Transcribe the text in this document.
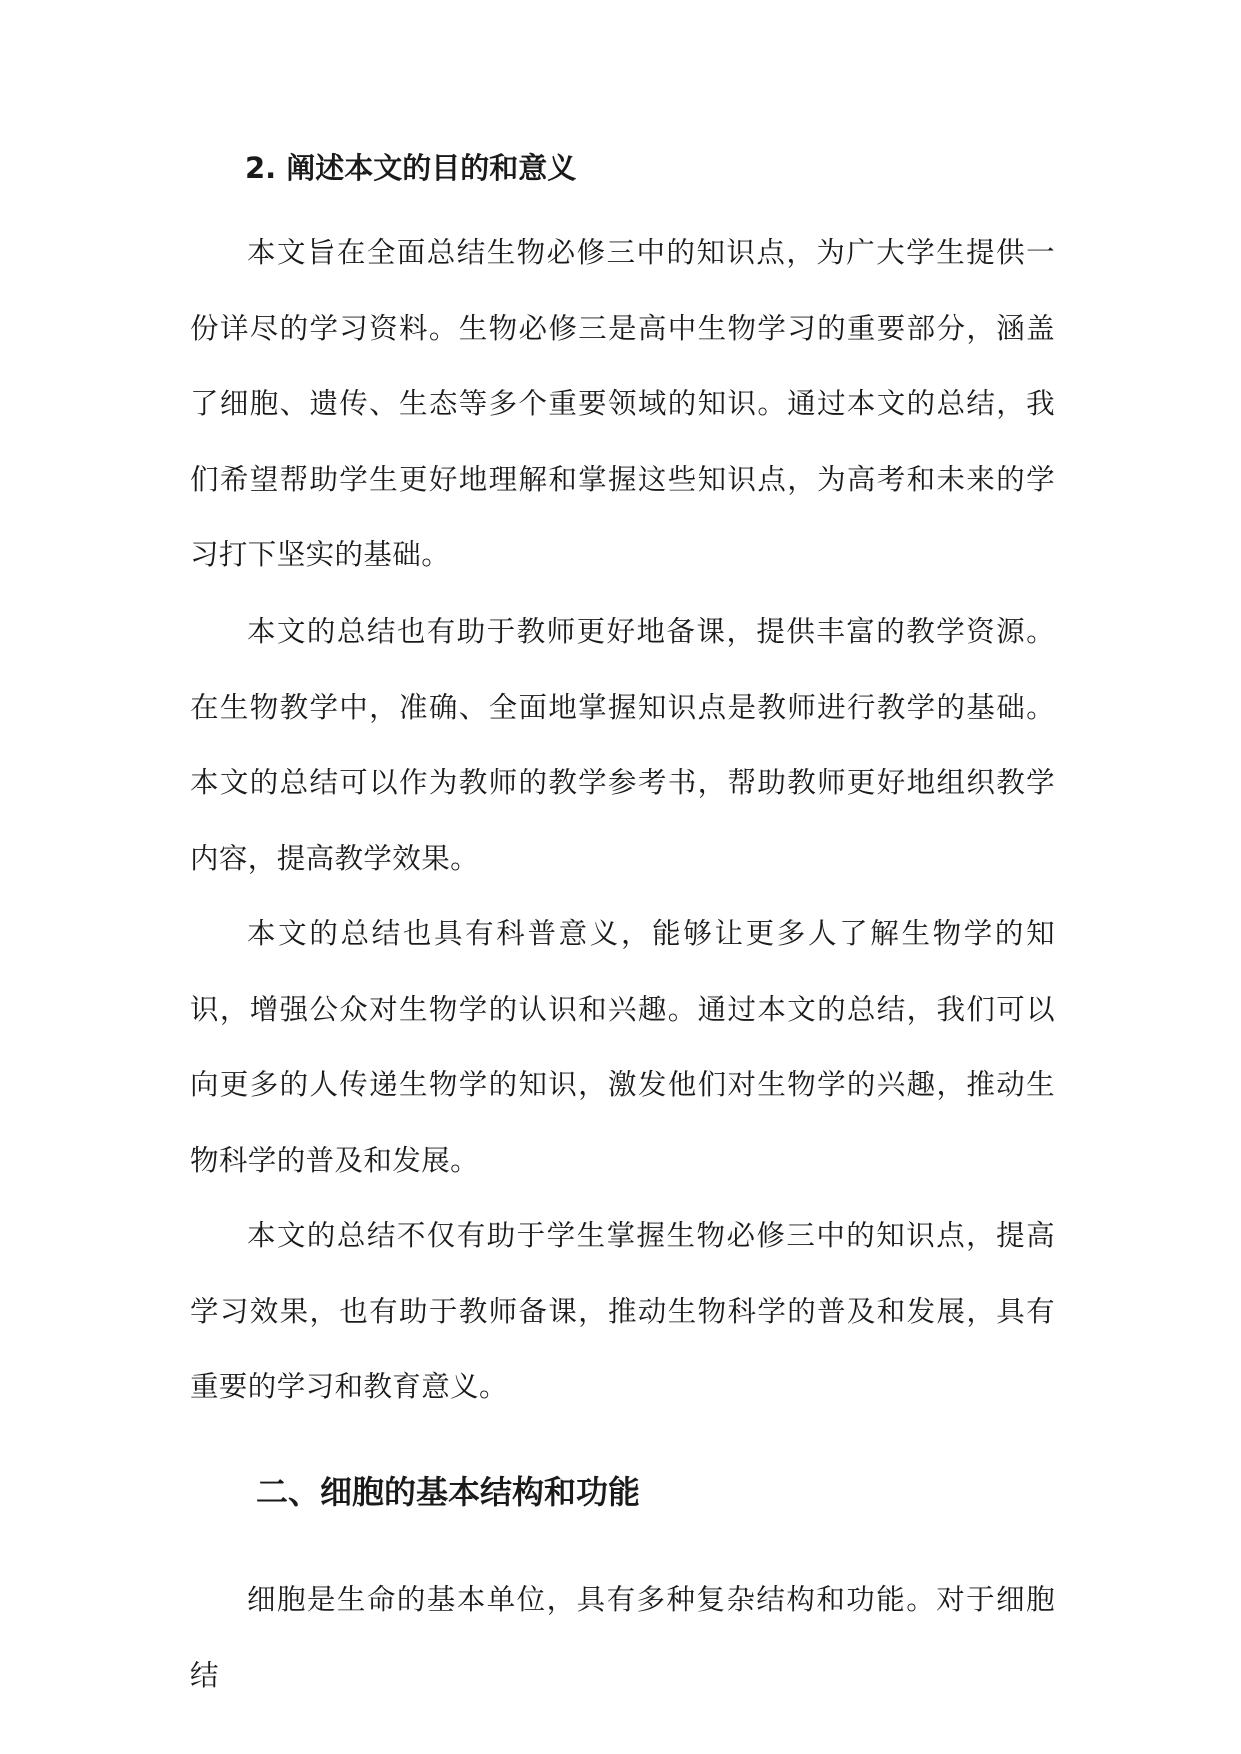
2. 阐述本文的目的和意义

本文旨在全面总结生物必修三中的知识点，为广大学生提供一份详尽的学习资料。生物必修三是高中生物学习的重要部分，涵盖了细胞、遗传、生态等多个重要领域的知识。通过本文的总结，我们希望帮助学生更好地理解和掌握这些知识点，为高考和未来的学习打下坚实的基础。

本文的总结也有助于教师更好地备课，提供丰富的教学资源。在生物教学中，准确、全面地掌握知识点是教师进行教学的基础。本文的总结可以作为教师的教学参考书，帮助教师更好地组织教学内容，提高教学效果。

本文的总结也具有科普意义，能够让更多人了解生物学的知识，增强公众对生物学的认识和兴趣。通过本文的总结，我们可以向更多的人传递生物学的知识，激发他们对生物学的兴趣，推动生物科学的普及和发展。

本文的总结不仅有助于学生掌握生物必修三中的知识点，提高学习效果，也有助于教师备课，推动生物科学的普及和发展，具有重要的学习和教育意义。

二、细胞的基本结构和功能

细胞是生命的基本单位，具有多种复杂结构和功能。对于细胞结
